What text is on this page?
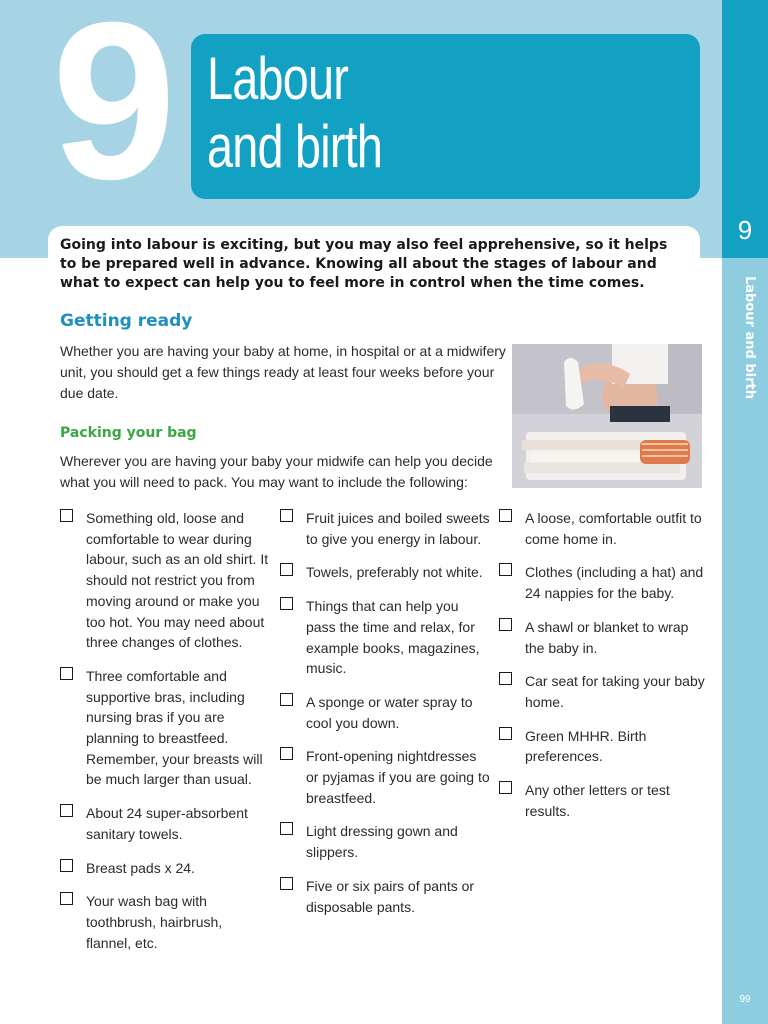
9 Labour
and birth
Going into labour is exciting, but you may also feel apprehensive, so it helps to be prepared well in advance. Knowing all about the stages of labour and what to expect can help you to feel more in control when the time comes.
9
Labour and birth
99
Getting ready
Whether you are having your baby at home, in hospital or at a midwifery unit, you should get a few things ready at least four weeks before your due date.
Packing your bag
Wherever you are having your baby your midwife can help you decide what you will need to pack. You may want to include the following:
Something old, loose and comfortable to wear during labour, such as an old shirt. It should not restrict you from moving around or make you too hot. You may need about three changes of clothes.
Three comfortable and supportive bras, including nursing bras if you are planning to breastfeed. Remember, your breasts will be much larger than usual.
About 24 super-absorbent sanitary towels.
Breast pads x 24.
Your wash bag with toothbrush, hairbrush, flannel, etc.
Fruit juices and boiled sweets to give you energy in labour.
Towels, preferably not white.
Things that can help you pass the time and relax, for example books, magazines, music.
A sponge or water spray to cool you down.
Front-opening nightdresses or pyjamas if you are going to breastfeed.
Light dressing gown and slippers.
Five or six pairs of pants or disposable pants.
A loose, comfortable outfit to come home in.
Clothes (including a hat) and 24 nappies for the baby.
A shawl or blanket to wrap the baby in.
Car seat for taking your baby home.
Green MHHR. Birth preferences.
Any other letters or test results.
